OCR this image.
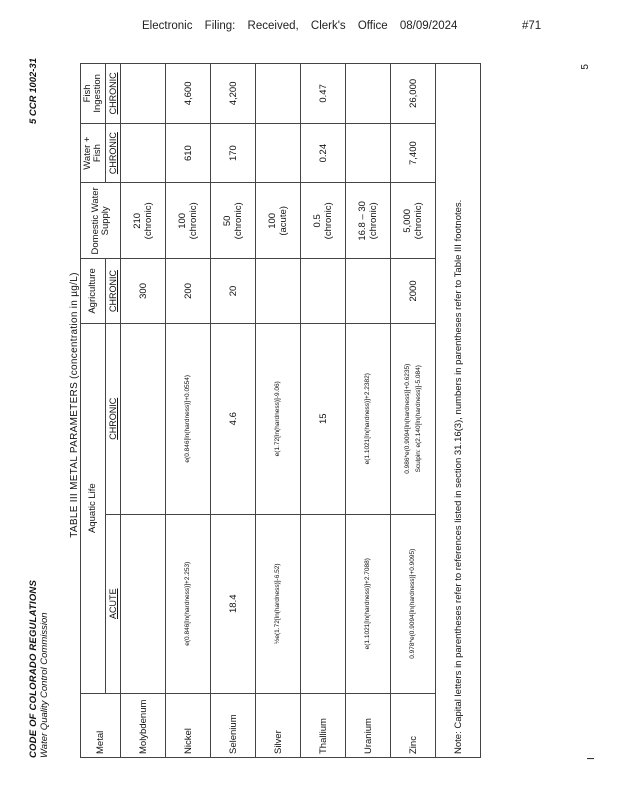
Electronic Filing: Received, Clerk's Office 08/09/2024	#71
CODE OF COLORADO REGULATIONS Water Quality Control Commission
5 CCR 1002-31
TABLE III METAL PARAMETERS (concentration in µg/L)
Metal	Aquatic Life		Agriculture	Domestic Water Supply	Water + Fish	Fish Ingestion
	ACUTE	CHRONIC	CHRONIC		CHRONIC	CHRONIC
Molybdenum			300	210 (chronic)		

Nickel	e(0.846[ln(hardness)]+2.253)	e(0.846[ln(hardness)]+0.0554)	200	100 (chronic)	610	4,600
Selenium	18.4	4.6	20	50 (chronic)	170	4,200
Silver	½e(1.72[ln(hardness)]-6.52)	e(1.72[ln(hardness)]-9.06)		100 (acute)		

Thallium		15		0.5 (chronic)	0.24	0.47
Uranium	e(1.1021[ln(hardness)]+2.7088)	e(1.1021[ln(hardness)]+2.2382)		16.8 – 30 (chronic)		

Zinc	0.978*e(0.9094[ln(hardness)]+0.9095)	0.986*e(0.9094[ln(hardness)]+0.6235) Sculpin: e(2.140[ln(hardness)]-5.084)	2000	5,000 (chronic)	7,400	26,000
Note: Capital letters in parentheses refer to references listed in section 31.16(3), numbers in parentheses refer to Table III footnotes.						
5
I
